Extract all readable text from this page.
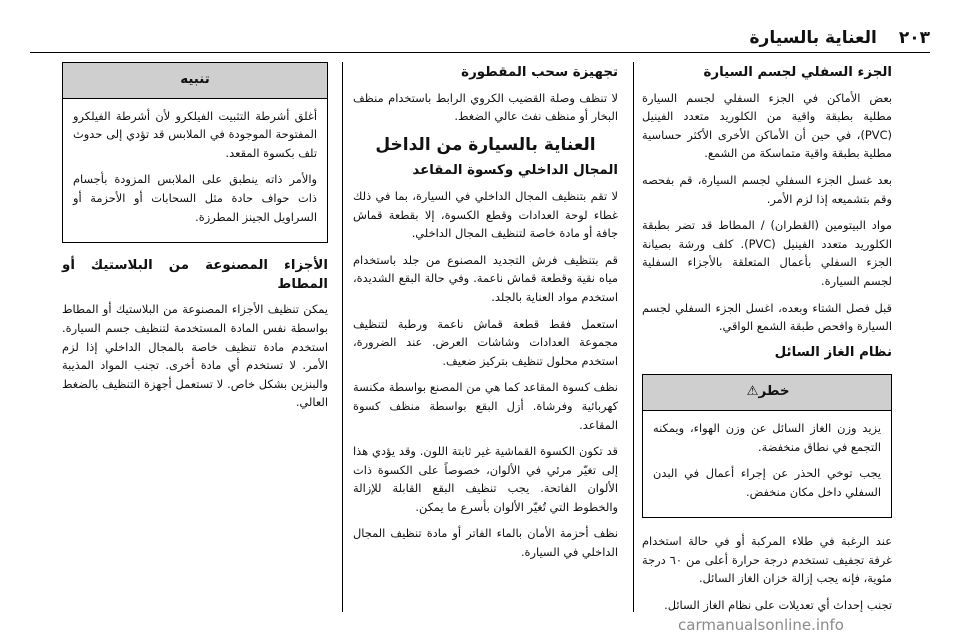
٢٠٣
العناية بالسيارة
الجزء السفلي لجسم السيارة

بعض الأماكن في الجزء السفلي لجسم السيارة مطلية بطبقة واقية من الكلوريد متعدد الفينيل (PVC)، في حين أن الأماكن الأخرى الأكثر حساسية مطلية بطبقة واقية متماسكة من الشمع.

بعد غسل الجزء السفلي لجسم السيارة، قم بفحصه وقم بتشميعه إذا لزم الأمر.

مواد البيتومين (القطران) / المطاط قد تضر بطبقة الكلوريد متعدد الفينيل (PVC). كلف ورشة بصيانة الجزء السفلي بأعمال المتعلقة بالأجزاء السفلية لجسم السيارة.

قبل فصل الشتاء وبعده، اغسل الجزء السفلي لجسم السيارة وافحص طبقة الشمع الواقي.

نظام الغاز السائل
خطر⚠

يزيد وزن الغاز السائل عن وزن الهواء، ويمكنه التجمع في نطاق منخفضة.

يجب توخي الحذر عن إجراء أعمال في البدن السفلي داخل مكان منخفض.

عند الرغبة في طلاء المركبة أو في حالة استخدام غرفة تجفيف تستخدم درجة حرارة أعلى من ٦٠ درجة مئوية، فإنه يجب إزالة خزان الغاز السائل.

تجنب إحداث أي تعديلات على نظام الغاز السائل.

تجهيزة سحب المقطورة

لا تنظف وصلة القضيب الكروي الرابط باستخدام منظف البخار أو منظف نفث عالي الضغط.

العناية بالسيارة من الداخل
المجال الداخلي وكسوة المقاعد

لا تقم بتنظيف المجال الداخلي في السيارة، بما في ذلك غطاء لوحة العدادات وقطع الكسوة، إلا بقطعة قماش جافة أو مادة خاصة لتنظيف المجال الداخلي.

قم بتنظيف فرش التجديد المصنوع من جلد باستخدام مياه نقية وقطعة قماش ناعمة. وفي حالة البقع الشديدة، استخدم مواد العناية بالجلد.

استعمل فقط قطعة قماش ناعمة ورطبة لتنظيف مجموعة العدادات وشاشات العرض. عند الضرورة، استخدم محلول تنظيف بتركيز ضعيف.

نظف كسوة المقاعد كما هي من المصنع بواسطة مكنسة كهربائية وفرشاة. أزل البقع بواسطة منظف كسوة المقاعد.

قد تكون الكسوة القماشية غير ثابتة اللون. وقد يؤدي هذا إلى تغيّر مرئي في الألوان، خصوصاً على الكسوة ذات الألوان الفاتحة. يجب تنظيف البقع القابلة للإزالة والخطوط التي تُغيّر الألوان بأسرع ما يمكن.

نظف أحزمة الأمان بالماء الفاتر أو مادة تنظيف المجال الداخلي في السيارة.

تنبيه

أغلق أشرطة التثبيت الفيلكرو لأن أشرطة الفيلكرو المفتوحة الموجودة في الملابس قد تؤدي إلى حدوث تلف بكسوة المقعد.

والأمر ذاته ينطبق على الملابس المزودة بأجسام ذات حواف حادة مثل السحابات أو الأحزمة أو السراويل الجينز المطرزة.

الأجزاء المصنوعة من البلاستيك أو المطاط

يمكن تنظيف الأجزاء المصنوعة من البلاستيك أو المطاط بواسطة نفس المادة المستخدمة لتنظيف جسم السيارة. استخدم مادة تنظيف خاصة بالمجال الداخلي إذا لزم الأمر. لا تستخدم أي مادة أخرى. تجنب المواد المذيبة والبنزين بشكل خاص. لا تستعمل أجهزة التنظيف بالضغط العالي.

carmanualsonline.info
